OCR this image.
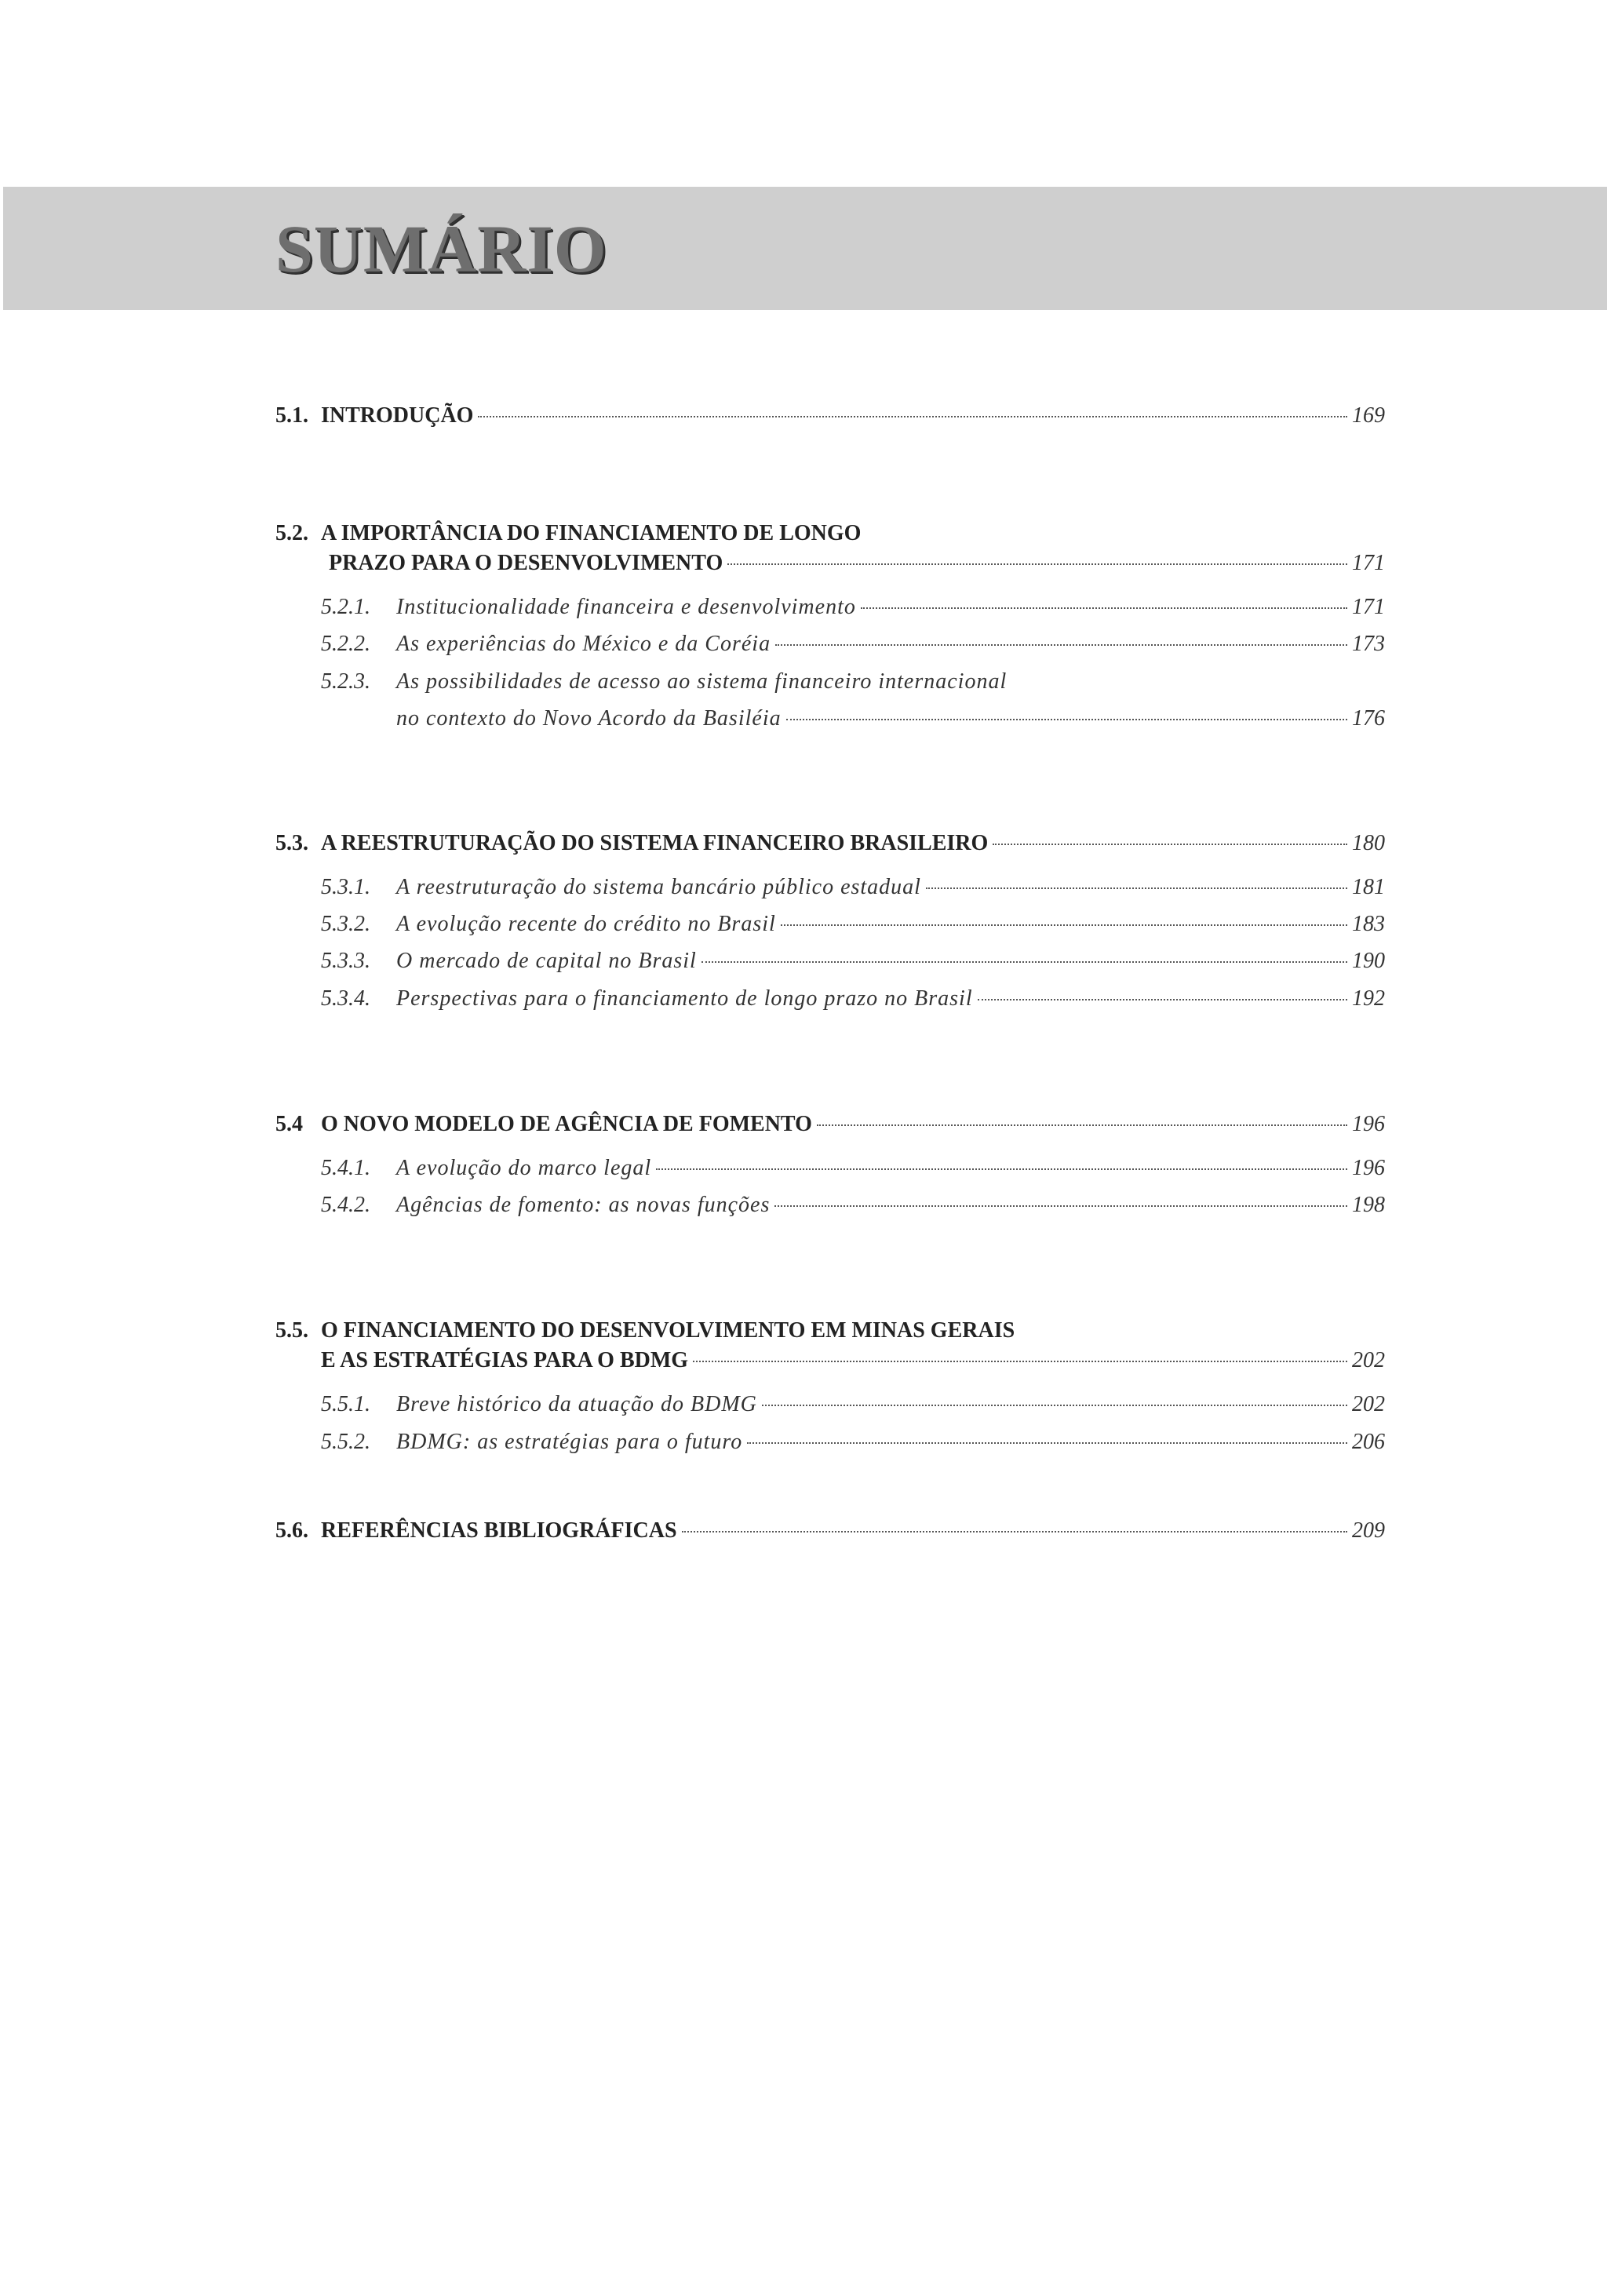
SUMÁRIO
5.1. INTRODUÇÃO	169
5.2. A IMPORTÂNCIA DO FINANCIAMENTO DE LONGO
PRAZO PARA O DESENVOLVIMENTO	171
5.2.1.	Institucionalidade financeira e desenvolvimento	171
5.2.2.	As experiências do México e da Coréia	173
5.2.3.	As possibilidades de acesso ao sistema financeiro internacional
no contexto do Novo Acordo da Basiléia	176
5.3. A REESTRUTURAÇÃO DO SISTEMA FINANCEIRO BRASILEIRO	180
5.3.1.	A reestruturação do sistema bancário público estadual	181
5.3.2.	A evolução recente do crédito no Brasil	183
5.3.3.	O mercado de capital no Brasil	190
5.3.4.	Perspectivas para o financiamento de longo prazo no Brasil	192
5.4 O NOVO MODELO DE AGÊNCIA DE FOMENTO	196
5.4.1.	A evolução do marco legal	196
5.4.2.	Agências de fomento: as novas funções	198
5.5. O FINANCIAMENTO DO DESENVOLVIMENTO EM MINAS GERAIS
E AS ESTRATÉGIAS PARA O BDMG	202
5.5.1.	Breve histórico da atuação do BDMG	202
5.5.2.	BDMG: as estratégias para o futuro	206
5.6. REFERÊNCIAS BIBLIOGRÁFICAS	209
